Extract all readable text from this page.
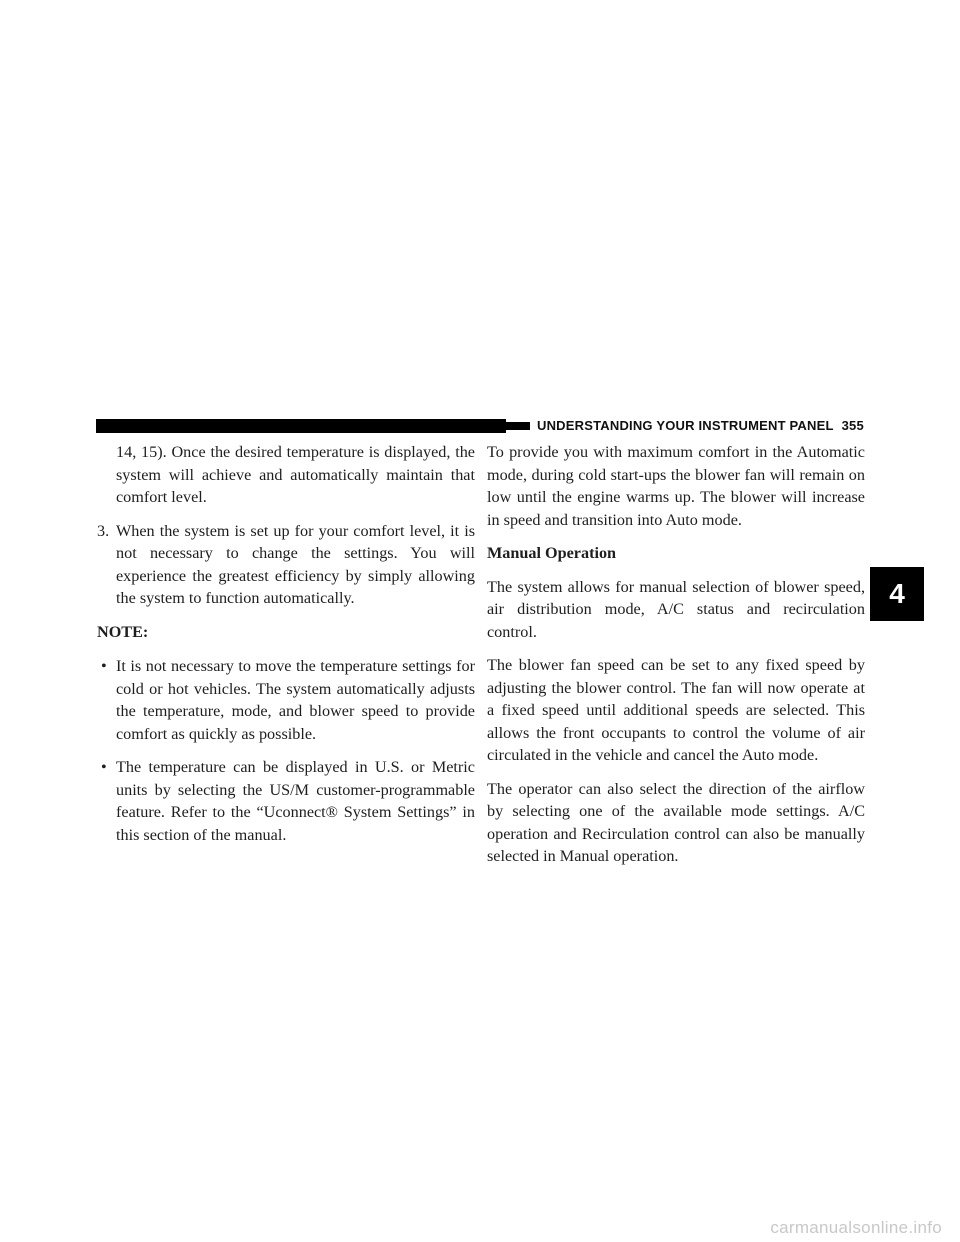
UNDERSTANDING YOUR INSTRUMENT PANEL 355

14, 15). Once the desired temperature is displayed, the system will achieve and automatically maintain that comfort level.

3. When the system is set up for your comfort level, it is not necessary to change the settings. You will experience the greatest efficiency by simply allowing the system to function automatically.

NOTE:

• It is not necessary to move the temperature settings for cold or hot vehicles. The system automatically adjusts the temperature, mode, and blower speed to provide comfort as quickly as possible.

• The temperature can be displayed in U.S. or Metric units by selecting the US/M customer-programmable feature. Refer to the “Uconnect® System Settings” in this section of the manual.

To provide you with maximum comfort in the Automatic mode, during cold start-ups the blower fan will remain on low until the engine warms up. The blower will increase in speed and transition into Auto mode.

Manual Operation

The system allows for manual selection of blower speed, air distribution mode, A/C status and recirculation control.

The blower fan speed can be set to any fixed speed by adjusting the blower control. The fan will now operate at a fixed speed until additional speeds are selected. This allows the front occupants to control the volume of air circulated in the vehicle and cancel the Auto mode.

The operator can also select the direction of the airflow by selecting one of the available mode settings. A/C operation and Recirculation control can also be manually selected in Manual operation.

4
carmanualsonline.info
